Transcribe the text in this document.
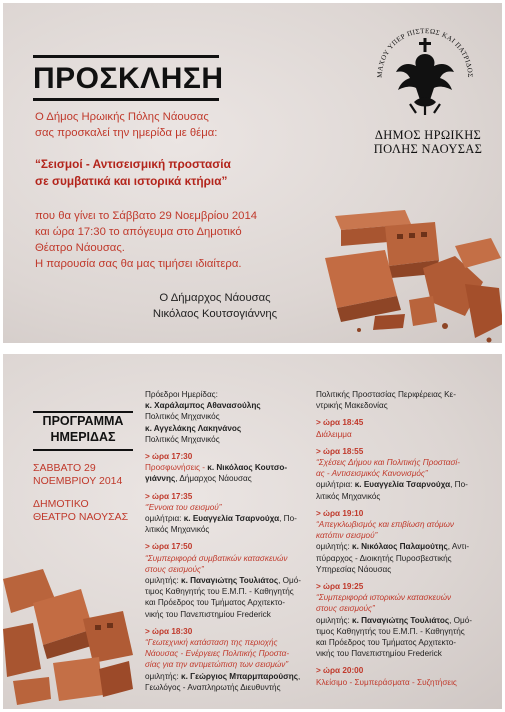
ΠΡΟΣΚΛΗΣΗ
Ο Δήμος Ηρωικής Πόλης Νάουσας
σας προσκαλεί την ημερίδα με θέμα:
“Σεισμοί - Αντισεισμική προστασία
σε συμβατικά και ιστορικά κτήρια”
που θα γίνει το Σάββατο 29 Νοεμβρίου 2014
και ώρα 17:30 το απόγευμα στο Δημοτικό
Θέατρο Νάουσας.
Η παρουσία σας θα μας τιμήσει ιδιαίτερα.
Ο Δήμαρχος Νάουσας
Νικόλαος Κουτσογιάννης
ΜΑΧΟΥ ΥΠΕΡ ΠΙΣΤΕΩΣ ΚΑΙ ΠΑΤΡΙΔΟΣ
ΔΗΜΟΣ ΗΡΩΙΚΗΣ
ΠΟΛΗΣ ΝΑΟΥΣΑΣ
ΠΡΟΓΡΑΜΜΑ
ΗΜΕΡΙΔΑΣ
ΣΑΒΒΑΤΟ 29
ΝΟΕΜΒΡΙΟΥ 2014
ΔΗΜΟΤΙΚΟ
ΘΕΑΤΡΟ ΝΑΟΥΣΑΣ
Πρόεδροι Ημερίδας:
κ. Χαράλαμπος Αθανασούλης
Πολιτικός Μηχανικός
κ. Αγγελάκης Λακηνάνος
Πολιτικός Μηχανικός
> ώρα 17:30
Προσφωνήσεις - κ. Νικόλαος Κουτσο-
γιάννης, Δήμαρχος Νάουσας
> ώρα 17:35
“Έννοια του σεισμού”
ομιλήτρια: κ. Ευαγγελία Τσαρνούχα, Πο-
λιτικός Μηχανικός
> ώρα 17:50
“Συμπεριφορά συμβατικών κατασκευών
στους σεισμούς”
ομιλητής: κ. Παναγιώτης Τουλιάτος, Ομό-
τιμος Καθηγητής του Ε.Μ.Π. - Καθηγητής
και Πρόεδρος του Τμήματος Αρχιτεκτο-
νικής του Πανεπιστημίου Frederick
> ώρα 18:30
“Γεωτεχνική κατάσταση της περιοχής
Νάουσας - Ενέργειες Πολιτικής Προστα-
σίας για την αντιμετώπιση των σεισμών”
ομιλητής: κ. Γεώργιος Μπαρμπαρούσης,
Γεωλόγος - Αναπληρωτής Διευθυντής
Πολιτικής Προστασίας Περιφέρειας Κε-
ντρικής Μακεδονίας
> ώρα 18:45
Διάλειμμα
> ώρα 18:55
“Σχέσεις Δήμου και Πολιτικής Προστασί-
ας - Αντισεισμικός Κανονισμός”
ομιλήτρια: κ. Ευαγγελία Τσαρνούχα, Πο-
λιτικός Μηχανικός
> ώρα 19:10
“Απεγκλωβισμός και επιβίωση ατόμων
κατόπιν σεισμού”
ομιλητής: κ. Νικόλαος Παλαμούτης, Αντι-
πύραρχος - Διοικητής Πυροσβεστικής
Υπηρεσίας Νάουσας
> ώρα 19:25
“Συμπεριφορά ιστορικών κατασκευών
στους σεισμούς”
ομιλητής: κ. Παναγιώτης Τουλιάτος, Ομό-
τιμος Καθηγητής του Ε.Μ.Π. - Καθηγητής
και Πρόεδρος του Τμήματος Αρχιτεκτο-
νικής του Πανεπιστημίου Frederick
> ώρα 20:00
Κλείσιμο - Συμπεράσματα - Συζητήσεις
